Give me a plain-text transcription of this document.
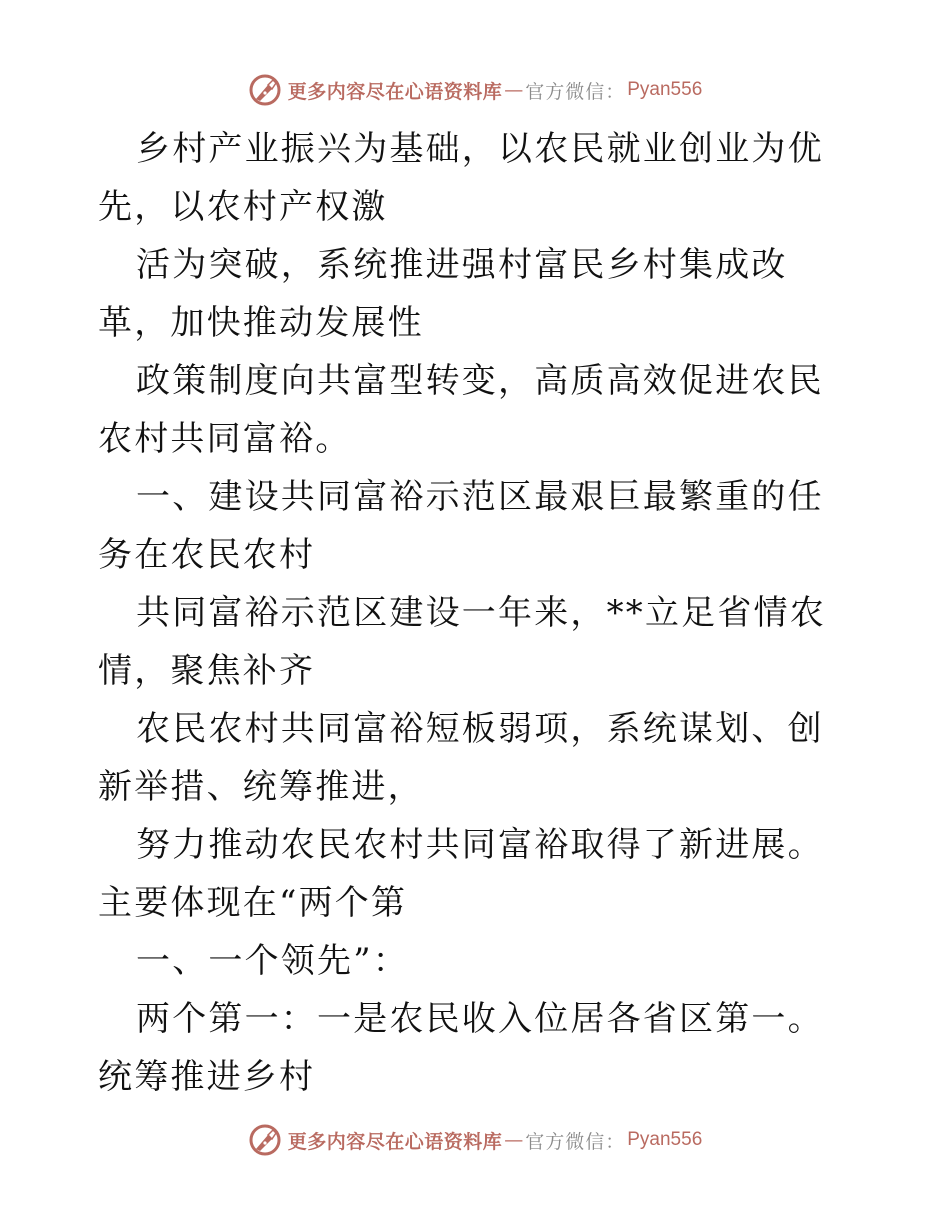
更多内容尽在心语资料库 — 官方微信： Pyan556

乡村产业振兴为基础，以农民就业创业为优先，以农村产权激

活为突破，系统推进强村富民乡村集成改革，加快推动发展性

政策制度向共富型转变，高质高效促进农民农村共同富裕。

一、建设共同富裕示范区最艰巨最繁重的任务在农民农村

共同富裕示范区建设一年来，**立足省情农情，聚焦补齐

农民农村共同富裕短板弱项，系统谋划、创新举措、统筹推进，

努力推动农民农村共同富裕取得了新进展。主要体现在“两个第

一、一个领先”：

两个第一：一是农民收入位居各省区第一。统筹推进乡村

更多内容尽在心语资料库 — 官方微信： Pyan556
